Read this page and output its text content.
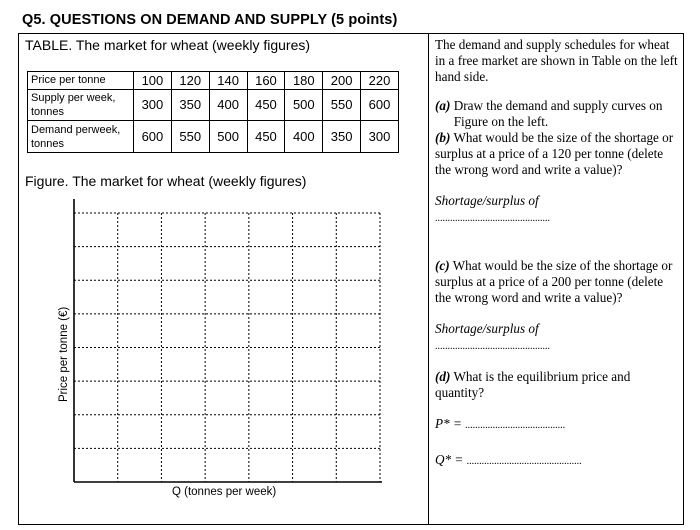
Q5. QUESTIONS ON DEMAND AND SUPPLY (5 points)
TABLE. The market for wheat (weekly figures)
Price per tonne	100	120	140	160	180	200	220
Supply per week, tonnes	300	350	400	450	500	550	600
Demand perweek, tonnes	600	550	500	450	400	350	300
Figure. The market for wheat (weekly figures)
Price per tonne (€)
Q (tonnes per week)
The demand and supply schedules for wheat in a free market are shown in Table on the left hand side.
(a) Draw the demand and supply curves on Figure on the left.
(b) What would be the size of the shortage or surplus at a price of a 120 per tonne (delete the wrong word and write a value)?
Shortage/surplus of
..............................................
(c) What would be the size of the shortage or surplus at a price of a 200 per tonne (delete the wrong word and write a value)?
Shortage/surplus of
..............................................
(d) What is the equilibrium price and quantity?
P* = ........................................
Q* = ..............................................
